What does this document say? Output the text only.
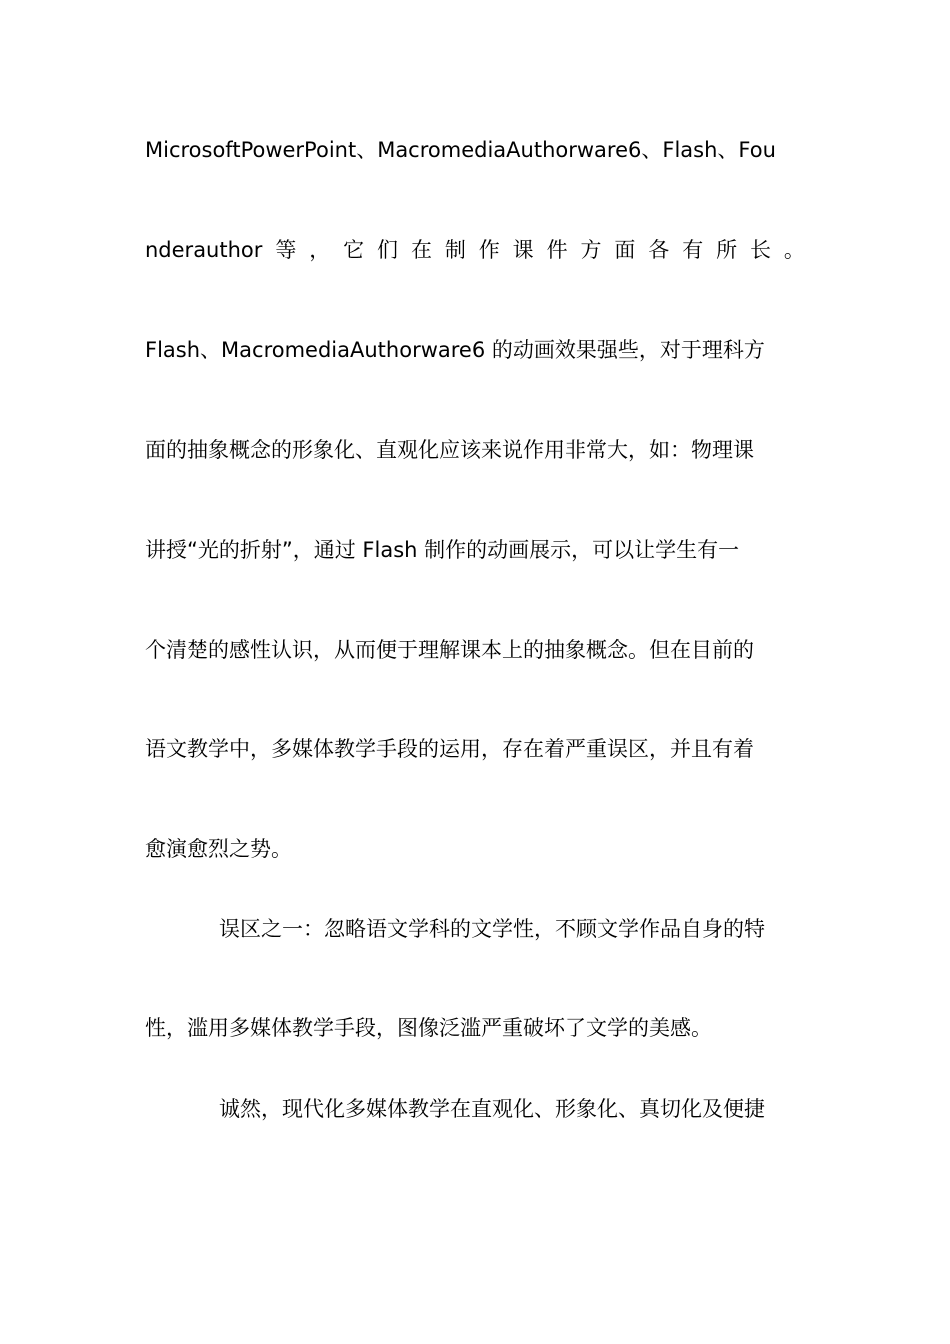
MicrosoftPowerPoint、MacromediaAuthorware6、Flash、Fou
nderauthor 等 ， 它 们 在 制 作 课 件 方 面 各 有 所 长 。
Flash、MacromediaAuthorware6 的动画效果强些，对于理科方
面的抽象概念的形象化、直观化应该来说作用非常大，如：物理课
讲授“光的折射”，通过 Flash 制作的动画展示，可以让学生有一
个清楚的感性认识，从而便于理解课本上的抽象概念。但在目前的
语文教学中，多媒体教学手段的运用，存在着严重误区，并且有着
愈演愈烈之势。
误区之一：忽略语文学科的文学性，不顾文学作品自身的特
性，滥用多媒体教学手段，图像泛滥严重破坏了文学的美感。
诚然，现代化多媒体教学在直观化、形象化、真切化及便捷
